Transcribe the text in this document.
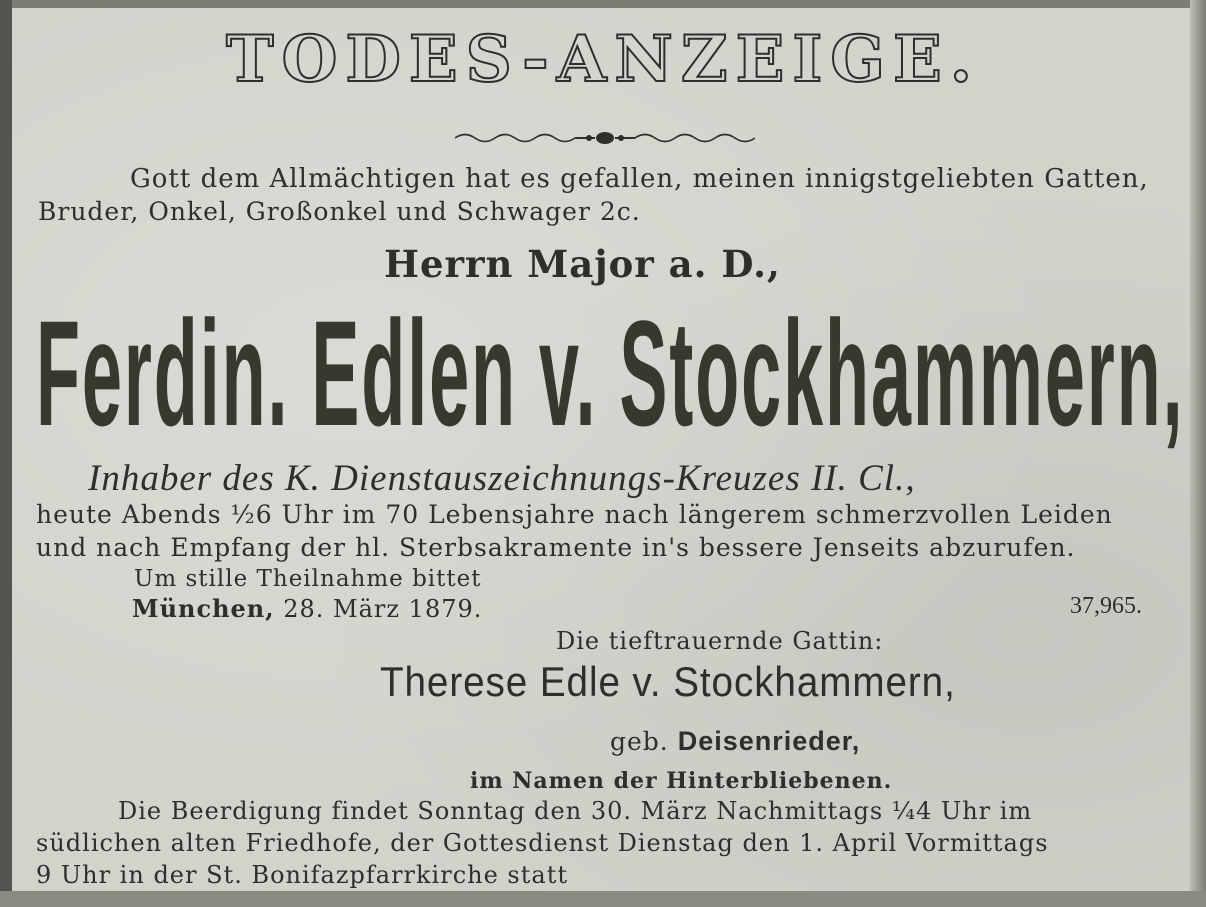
TODES-ANZEIGE.
Gott dem Allmächtigen hat es gefallen, meinen innigstgeliebten Gatten,
Bruder, Onkel, Großonkel und Schwager 2c.
Herrn Major a. D.,
Ferdin. Edlen v. Stockhammern,
Inhaber des K. Dienstauszeichnungs-Kreuzes II. Cl.,
heute Abends ½6 Uhr im 70 Lebensjahre nach längerem schmerzvollen Leiden
und nach Empfang der hl. Sterbsakramente in's bessere Jenseits abzurufen.
Um stille Theilnahme bittet
München, 28. März 1879.	37,965.
Die tieftrauernde Gattin:
Therese Edle v. Stockhammern,
geb. Deisenrieder,
im Namen der Hinterbliebenen.
Die Beerdigung findet Sonntag den 30. März Nachmittags ¼4 Uhr im
südlichen alten Friedhofe, der Gottesdienst Dienstag den 1. April Vormittags
9 Uhr in der St. Bonifazpfarrkirche statt
